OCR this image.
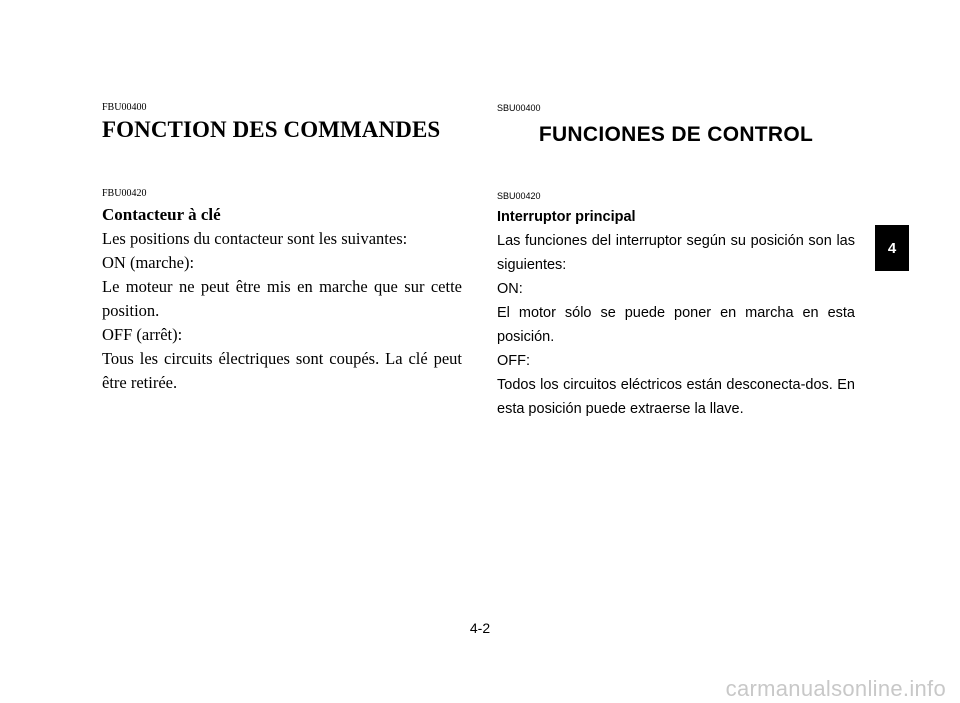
FBU00400
FONCTION DES COMMANDES
FBU00420
Contacteur à clé
Les positions du contacteur sont les suivantes:
ON (marche):
Le moteur ne peut être mis en marche que sur cette position.
OFF (arrêt):
Tous les circuits électriques sont coupés. La clé peut être retirée.
SBU00400
FUNCIONES DE CONTROL
SBU00420
Interruptor principal
Las funciones del interruptor según su posición son las siguientes:
ON:
El motor sólo se puede poner en marcha en esta posición.
OFF:
Todos los circuitos eléctricos están desconecta-dos. En esta posición puede extraerse la llave.
4
4-2
carmanualsonline.info
